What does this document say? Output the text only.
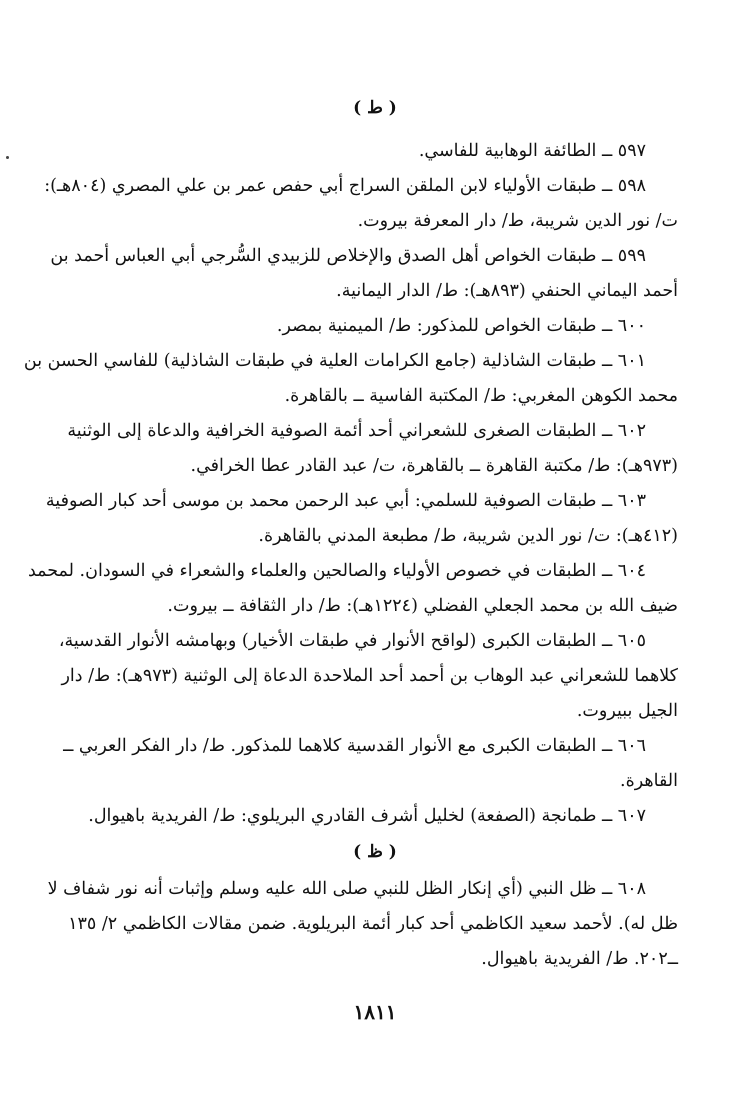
( ط )
٥٩٧ ــ الطائفة الوهابية للفاسي.
٥٩٨ ــ طبقات الأولياء لابن الملقن السراج أبي حفص عمر بن علي المصري (٨٠٤هـ):
ت/ نور الدين شريبة، ط/ دار المعرفة بيروت.
٥٩٩ ــ طبقات الخواص أهل الصدق والإخلاص للزبيدي السُّرجي أبي العباس أحمد بن
أحمد اليماني الحنفي (٨٩٣هـ): ط/ الدار اليمانية.
٦٠٠ ــ طبقات الخواص للمذكور: ط/ الميمنية بمصر.
٦٠١ ــ طبقات الشاذلية (جامع الكرامات العلية في طبقات الشاذلية) للفاسي الحسن بن
محمد الكوهن المغربي: ط/ المكتبة الفاسية ــ بالقاهرة.
٦٠٢ ــ الطبقات الصغرى للشعراني أحد أئمة الصوفية الخرافية والدعاة إلى الوثنية
(٩٧٣هـ): ط/ مكتبة القاهرة ــ بالقاهرة، ت/ عبد القادر عطا الخرافي.
٦٠٣ ــ طبقات الصوفية للسلمي: أبي عبد الرحمن محمد بن موسى أحد كبار الصوفية
(٤١٢هـ): ت/ نور الدين شريبة، ط/ مطبعة المدني بالقاهرة.
٦٠٤ ــ الطبقات في خصوص الأولياء والصالحين والعلماء والشعراء في السودان. لمحمد
ضيف الله بن محمد الجعلي الفضلي (١٢٢٤هـ): ط/ دار الثقافة ــ بيروت.
٦٠٥ ــ الطبقات الكبرى (لواقح الأنوار في طبقات الأخيار) وبهامشه الأنوار القدسية،
كلاهما للشعراني عبد الوهاب بن أحمد أحد الملاحدة الدعاة إلى الوثنية (٩٧٣هـ): ط/ دار
الجيل ببيروت.
٦٠٦ ــ الطبقات الكبرى مع الأنوار القدسية كلاهما للمذكور. ط/ دار الفكر العربي ــ
القاهرة.
٦٠٧ ــ طمانجة (الصفعة) لخليل أشرف القادري البريلوي: ط/ الفريدية باهيوال.
( ظ )
٦٠٨ ــ ظل النبي (أي إنكار الظل للنبي صلى الله عليه وسلم وإثبات أنه نور شفاف لا
ظل له). لأحمد سعيد الكاظمي أحد كبار أئمة البريلوية. ضمن مقالات الكاظمي ٢/ ١٣٥
ــ٢٠٢. ط/ الفريدية باهيوال.
١٨١١
